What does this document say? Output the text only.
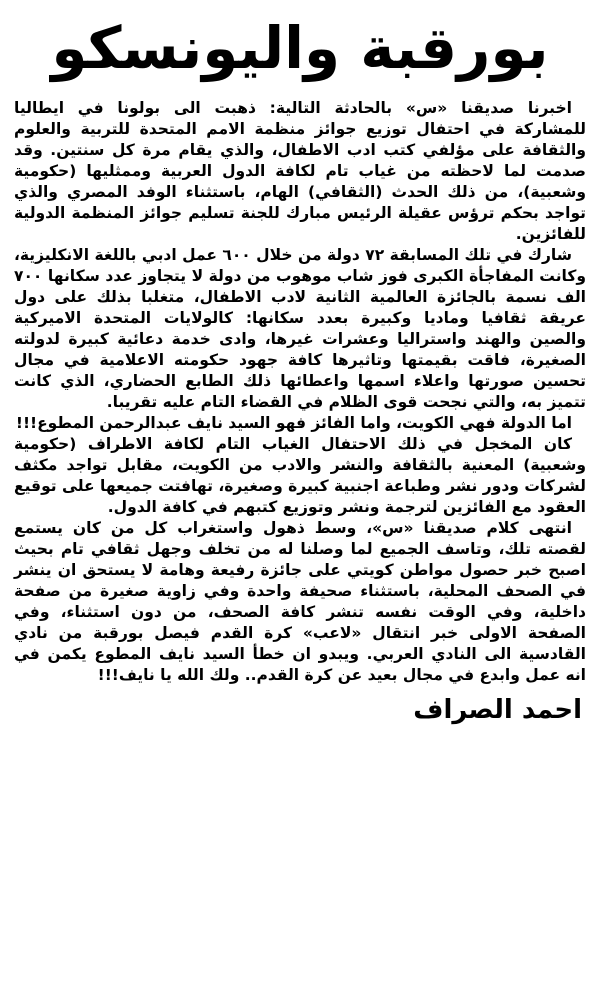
بورقبة واليونسكو

اخبرنا صديقنا «س» بالحادثة التالية: ذهبت الى بولونا في ايطاليا للمشاركة في احتفال توزيع جوائز منظمة الامم المتحدة للتربية والعلوم والثقافة على مؤلفي كتب ادب الاطفال، والذي يقام مرة كل سنتين. وقد صدمت لما لاحظته من غياب تام لكافة الدول العربية وممثليها (حكومية وشعبية)، من ذلك الحدث (الثقافي) الهام، باستثناء الوفد المصري والذي تواجد بحكم ترؤس عقيلة الرئيس مبارك للجنة تسليم جوائز المنظمة الدولية للفائزين.

شارك في تلك المسابقة ٧٢ دولة من خلال ٦٠٠ عمل ادبي باللغة الانكليزية، وكانت المفاجأة الكبرى فوز شاب موهوب من دولة لا يتجاوز عدد سكانها ٧٠٠ الف نسمة بالجائزة العالمية الثانية لادب الاطفال، متغلبا بذلك على دول عريقة ثقافيا وماديا وكبيرة بعدد سكانها: كالولايات المتحدة الاميركية والصين والهند واستراليا وعشرات غيرها، وادى خدمة دعائية كبيرة لدولته الصغيرة، فاقت بقيمتها وتاثيرها كافة جهود حكومته الاعلامية في مجال تحسين صورتها واعلاء اسمها واعطائها ذلك الطابع الحضاري، الذي كانت تتميز به، والتي نجحت قوى الظلام في القضاء التام عليه تقريبا.

اما الدولة فهي الكويت، واما الفائز فهو السيد نايف عبدالرحمن المطوع!!!

كان المخجل في ذلك الاحتفال الغياب التام لكافة الاطراف (حكومية وشعبية) المعنية بالثقافة والنشر والادب من الكويت، مقابل تواجد مكثف لشركات ودور نشر وطباعة اجنبية كبيرة وصغيرة، تهافتت جميعها على توقيع العقود مع الفائزين لترجمة ونشر وتوزيع كتبهم في كافة الدول.

انتهى كلام صديقنا «س»، وسط ذهول واستغراب كل من كان يستمع لقصته تلك، وتاسف الجميع لما وصلنا له من تخلف وجهل ثقافي تام بحيث اصبح خبر حصول مواطن كويتي على جائزة رفيعة وهامة لا يستحق ان ينشر في الصحف المحلية، باستثناء صحيفة واحدة وفي زاوية صغيرة من صفحة داخلية، وفي الوقت نفسه تنشر كافة الصحف، من دون استثناء، وفي الصفحة الاولى خبر انتقال «لاعب» كرة القدم فيصل بورقبة من نادي القادسية الى النادي العربي. ويبدو ان خطأ السيد نايف المطوع يكمن في انه عمل وابدع في مجال بعيد عن كرة القدم.. ولك الله يا نايف!!!

احمد الصراف
